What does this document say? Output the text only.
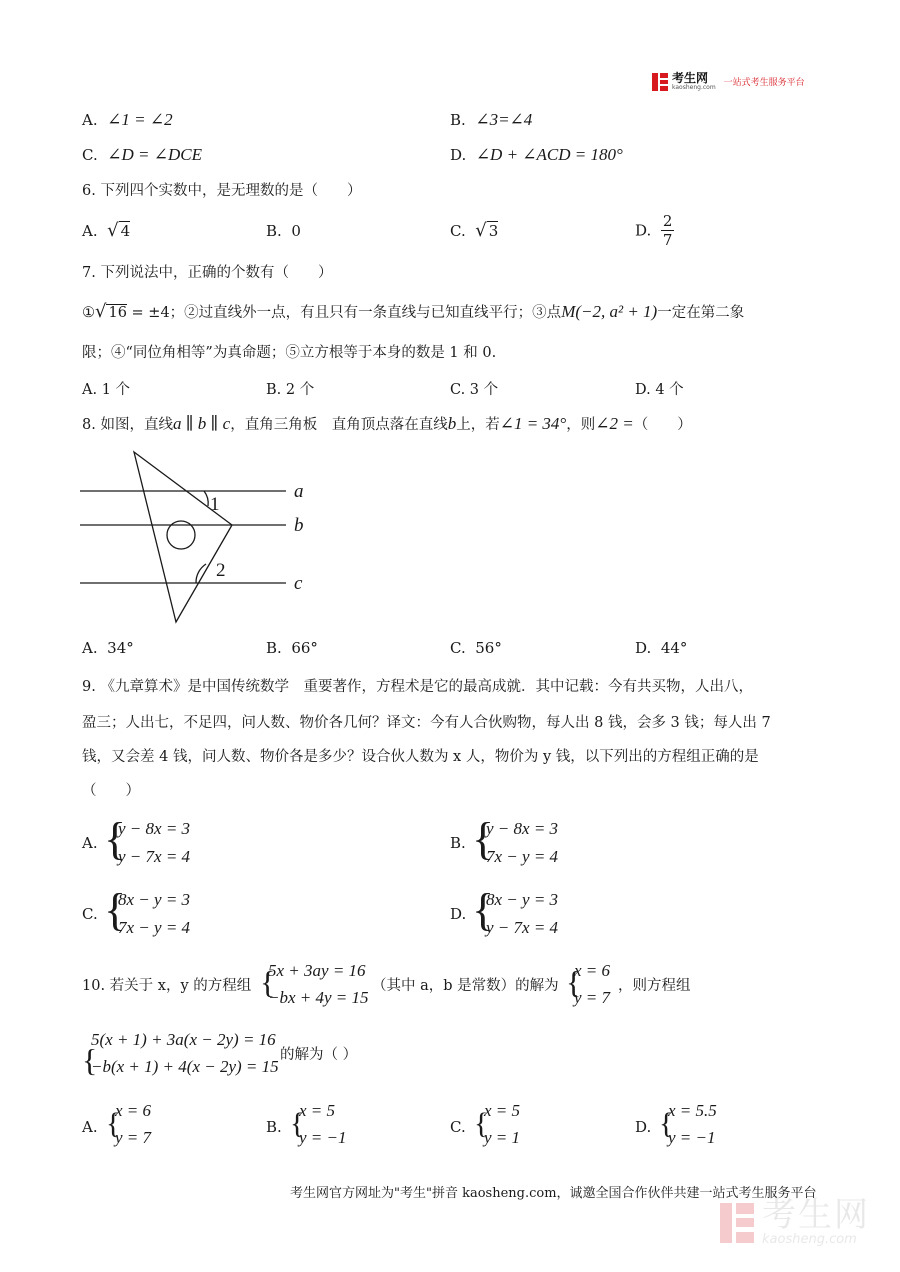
考生网
kaosheng.com 一站式考生服务平台
A. ∠1 = ∠2	B. ∠3=∠4
C. ∠D = ∠DCE	D. ∠D + ∠ACD = 180°
6. 下列四个实数中，是无理数的是（　　）
A. √ 4	B. 0	C. √ 3	D. $\frac{2}{7}$
7. 下列说法中，正确的个数有（　　）
①√ 16 = ±4；②过直线外一点，有且只有一条直线与已知直线平行；③点M(−2, a² + 1)一定在第二象
限；④“同位角相等”为真命题；⑤立方根等于本身的数是 1 和 0.
A. 1 个	B. 2 个	C. 3 个	D. 4 个
8. 如图，直线a ∥ b ∥ c，直角三角板　直角顶点落在直线b上，若∠1 = 34°，则∠2 =（　　）
a
b
c
1
2
A. 34°	B. 66°	C. 56°	D. 44°
9. 《九章算术》是中国传统数学　重要著作，方程术是它的最高成就．其中记载：今有共买物，人出八，
盈三；人出七，不足四，问人数、物价各几何？译文：今有人合伙购物，每人出 8 钱，会多 3 钱；每人出 7
钱，又会差 4 钱，问人数、物价各是多少？设合伙人数为 x 人，物价为 y 钱，以下列出的方程组正确的是
（　　）
A. {
y − 8x = 3
y − 7x = 4
B. {
y − 8x = 3
7x − y = 4
C. {
8x − y = 3
7x − y = 4
D. {
8x − y = 3
y − 7x = 4
10. 若关于 x，y 的方程组 {
5x + 3ay = 16
−bx + 4y = 15
（其中 a，b 是常数）的解为 {
x = 6
y = 7
，则方程组
{
5(x + 1) + 3a(x − 2y) = 16
−b(x + 1) + 4(x − 2y) = 15
的解为（ ）
A. {
x = 6
y = 7
B. {
x = 5
y = −1
C. {
x = 5
y = 1
D. {
x = 5.5
y = −1
考生网官方网址为"考生"拼音 kaosheng.com，诚邀全国合作伙伴共建一站式考生服务平台
考生网
kaosheng.com
